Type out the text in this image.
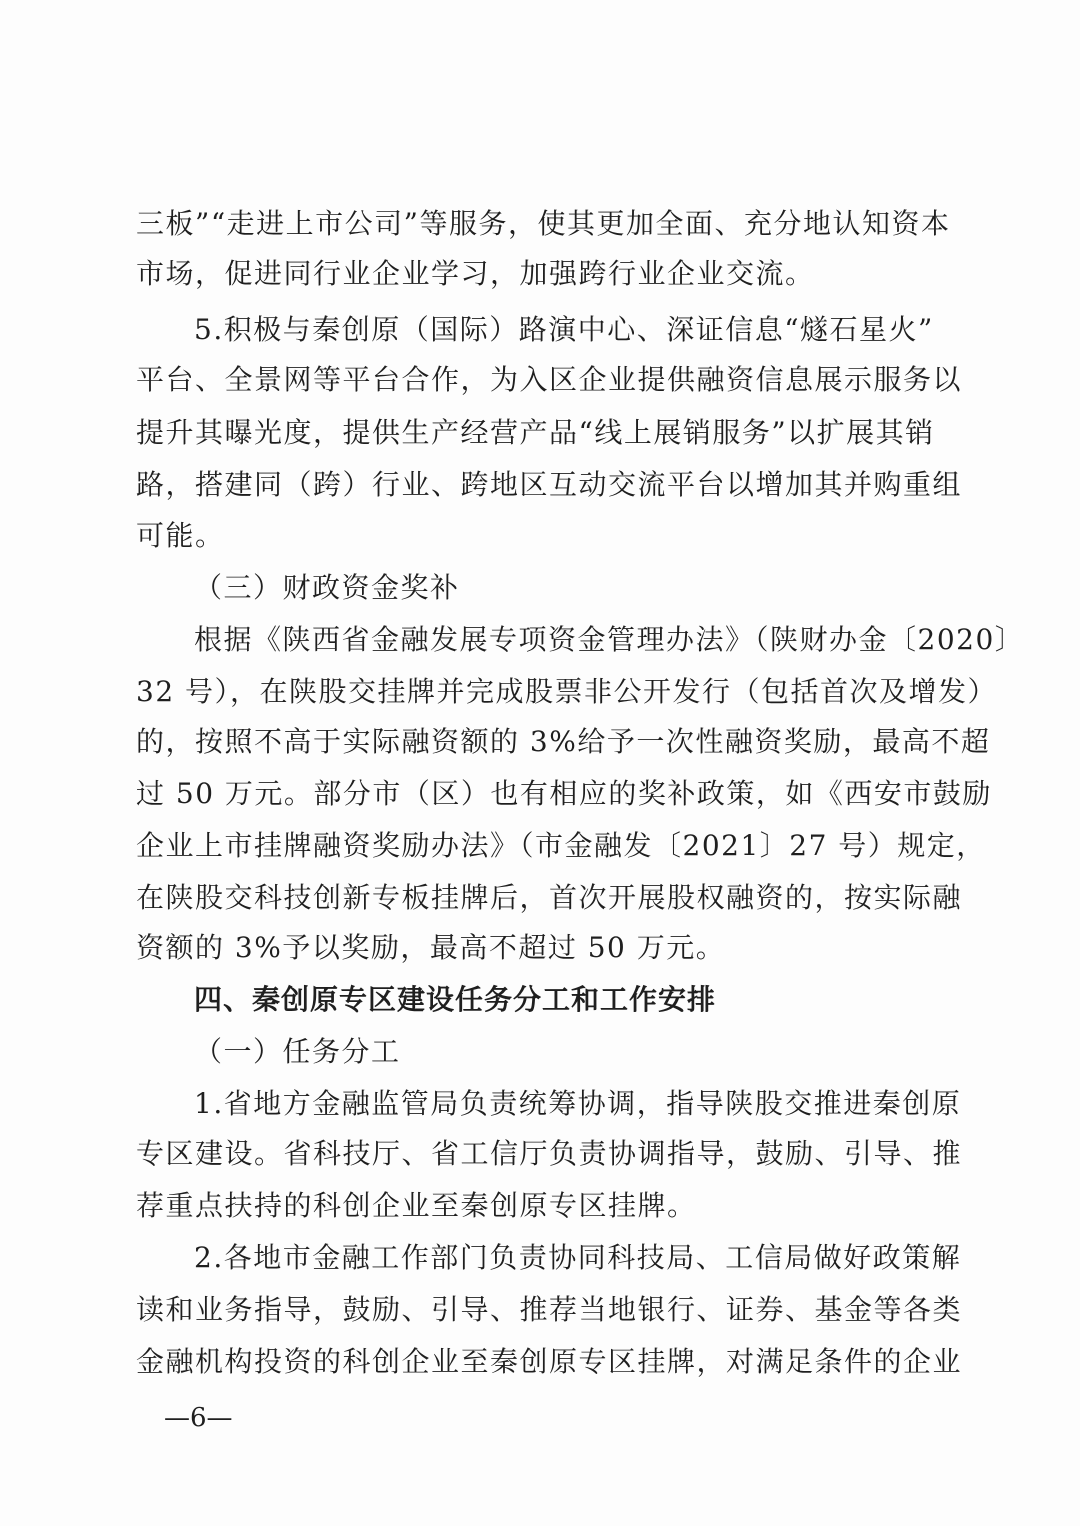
三板”“走进上市公司”等服务，使其更加全面、充分地认知资本
市场，促进同行业企业学习，加强跨行业企业交流。
5.积极与秦创原（国际）路演中心、深证信息“燧石星火”
平台、全景网等平台合作，为入区企业提供融资信息展示服务以
提升其曝光度，提供生产经营产品“线上展销服务”以扩展其销
路，搭建同（跨）行业、跨地区互动交流平台以增加其并购重组
可能。
（三）财政资金奖补
根据《陕西省金融发展专项资金管理办法》（陕财办金〔2020〕
32 号），在陕股交挂牌并完成股票非公开发行（包括首次及增发）
的，按照不高于实际融资额的 3%给予一次性融资奖励，最高不超
过 50 万元。部分市（区）也有相应的奖补政策，如《西安市鼓励
企业上市挂牌融资奖励办法》（市金融发〔2021〕27 号）规定，
在陕股交科技创新专板挂牌后，首次开展股权融资的，按实际融
资额的 3%予以奖励，最高不超过 50 万元。
四、秦创原专区建设任务分工和工作安排
（一）任务分工
1.省地方金融监管局负责统筹协调，指导陕股交推进秦创原
专区建设。省科技厅、省工信厅负责协调指导，鼓励、引导、推
荐重点扶持的科创企业至秦创原专区挂牌。
2.各地市金融工作部门负责协同科技局、工信局做好政策解
读和业务指导，鼓励、引导、推荐当地银行、证券、基金等各类
金融机构投资的科创企业至秦创原专区挂牌，对满足条件的企业
—6—
